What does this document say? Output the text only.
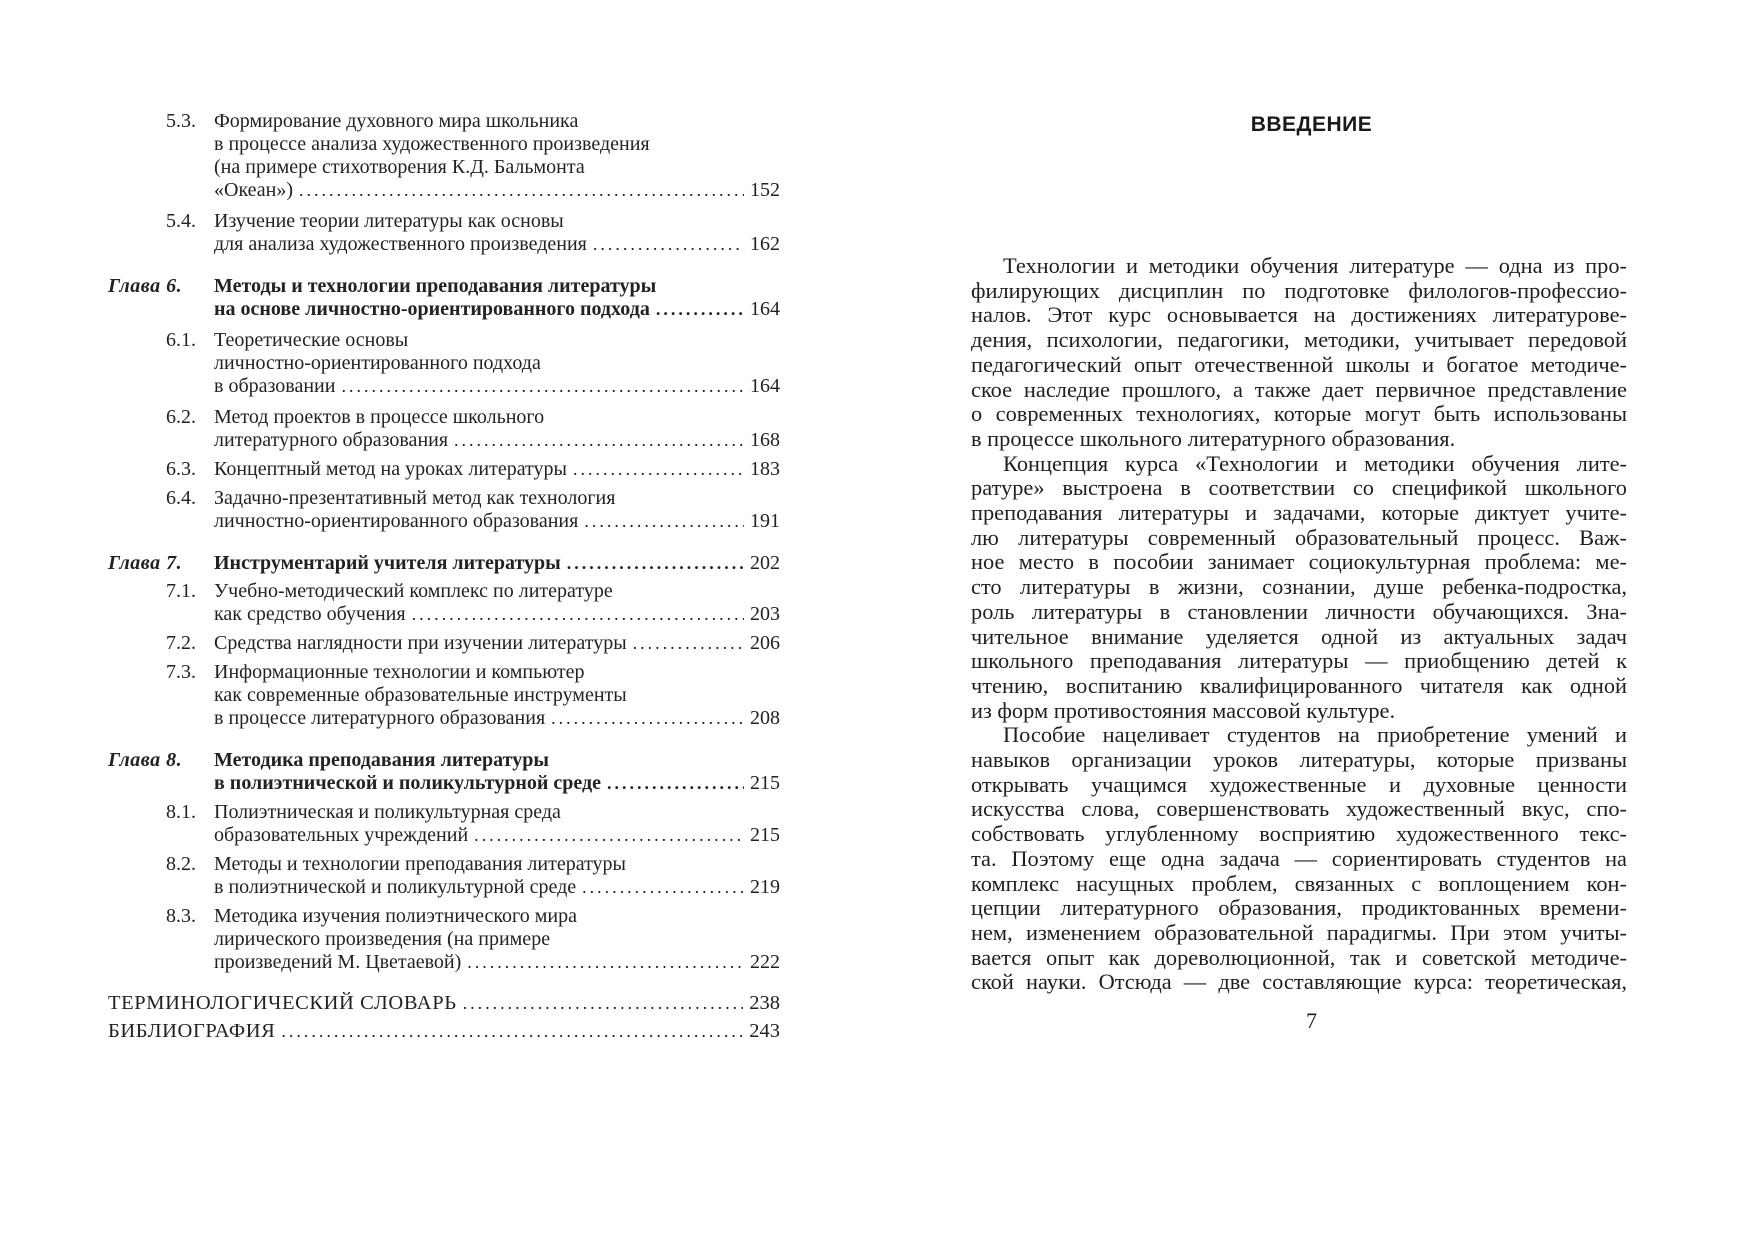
5.3. Формирование духовного мира школьника
в процессе анализа художественного произведения
(на примере стихотворения К.Д. Бальмонта
«Океан») .....	152
5.4. Изучение теории литературы как основы
для анализа художественного произведения .....	162
Глава 6. Методы и технологии преподавания литературы
на основе личностно-ориентированного подхода .....	164
6.1. Теоретические основы
личностно-ориентированного подхода
в образовании .....	164
6.2. Метод проектов в процессе школьного
литературного образования .....	168
6.3. Концептный метод на уроках литературы .....	183
6.4. Задачно-презентативный метод как технология
личностно-ориентированного образования .....	191
Глава 7. Инструментарий учителя литературы .....	202
7.1. Учебно-методический комплекс по литературе
как средство обучения .....	203
7.2. Средства наглядности при изучении литературы .....	206
7.3. Информационные технологии и компьютер
как современные образовательные инструменты
в процессе литературного образования .....	208
Глава 8. Методика преподавания литературы
в полиэтнической и поликультурной среде .....	215
8.1. Полиэтническая и поликультурная среда
образовательных учреждений .....	215
8.2. Методы и технологии преподавания литературы
в полиэтнической и поликультурной среде .....	219
8.3. Методика изучения полиэтнического мира
лирического произведения (на примере
произведений М. Цветаевой) .....	222
ТЕРМИНОЛОГИЧЕСКИЙ СЛОВАРЬ .....	238
БИБЛИОГРАФИЯ .....	243
ВВЕДЕНИЕ
Технологии и методики обучения литературе — одна из про-
филирующих дисциплин по подготовке филологов-профессио-
налов. Этот курс основывается на достижениях литературове-
дения, психологии, педагогики, методики, учитывает передовой
педагогический опыт отечественной школы и богатое методиче-
ское наследие прошлого, а также дает первичное представление
о современных технологиях, которые могут быть использованы
в процессе школьного литературного образования.
Концепция курса «Технологии и методики обучения лите-
ратуре» выстроена в соответствии со спецификой школьного
преподавания литературы и задачами, которые диктует учите-
лю литературы современный образовательный процесс. Важ-
ное место в пособии занимает социокультурная проблема: ме-
сто литературы в жизни, сознании, душе ребенка-подростка,
роль литературы в становлении личности обучающихся. Зна-
чительное внимание уделяется одной из актуальных задач
школьного преподавания литературы — приобщению детей к
чтению, воспитанию квалифицированного читателя как одной
из форм противостояния массовой культуре.
Пособие нацеливает студентов на приобретение умений и
навыков организации уроков литературы, которые призваны
открывать учащимся художественные и духовные ценности
искусства слова, совершенствовать художественный вкус, спо-
собствовать углубленному восприятию художественного текс-
та. Поэтому еще одна задача — сориентировать студентов на
комплекс насущных проблем, связанных с воплощением кон-
цепции литературного образования, продиктованных времени-
нем, изменением образовательной парадигмы. При этом учиты-
вается опыт как дореволюционной, так и советской методиче-
ской науки. Отсюда — две составляющие курса: теоретическая,
7
